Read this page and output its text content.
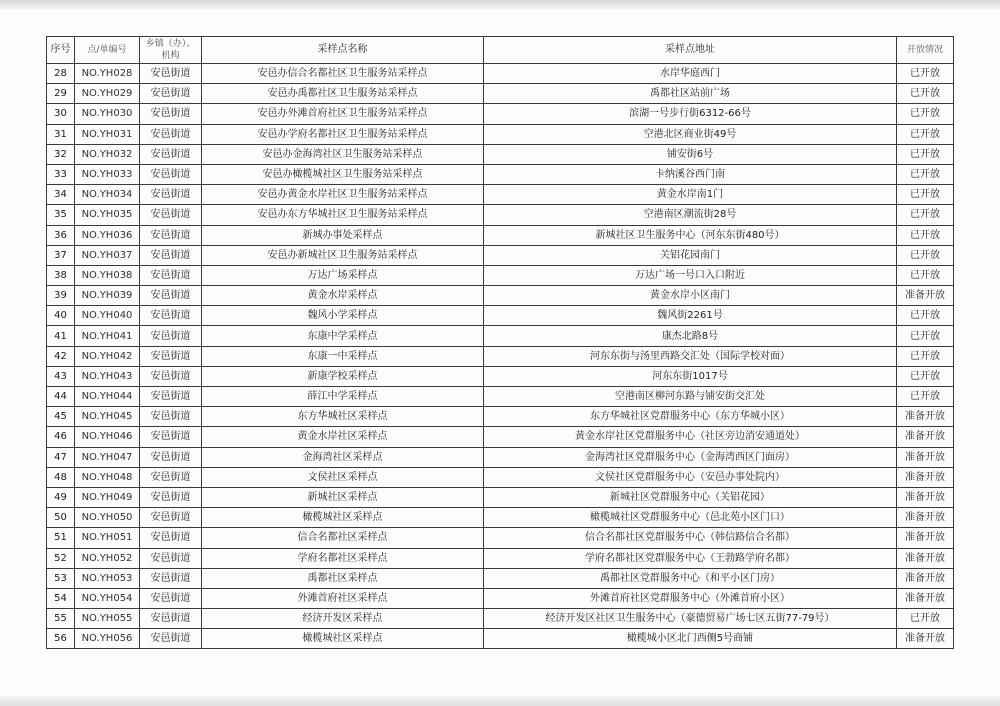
序号	点/单编号	乡镇（办）、机构	采样点名称	采样点地址	开放情况
28	NO.YH028	安邑街道	安邑办信合名都社区卫生服务站采样点	水岸华庭西门	已开放
29	NO.YH029	安邑街道	安邑办禹都社区卫生服务站采样点	禹都社区站前广场	已开放
30	NO.YH030	安邑街道	安邑办外滩首府社区卫生服务站采样点	滨湖一号步行街6312-66号	已开放
31	NO.YH031	安邑街道	安邑办学府名都社区卫生服务站采样点	空港北区商业街49号	已开放
32	NO.YH032	安邑街道	安邑办金海湾社区卫生服务站采样点	铺安街6号	已开放
33	NO.YH033	安邑街道	安邑办橄榄城社区卫生服务站采样点	卡纳溪谷西门南	已开放
34	NO.YH034	安邑街道	安邑办黄金水岸社区卫生服务站采样点	黄金水岸南1门	已开放
35	NO.YH035	安邑街道	安邑办东方华城社区卫生服务站采样点	空港南区潮流街28号	已开放
36	NO.YH036	安邑街道	新城办事处采样点	新城社区卫生服务中心（河东东街480号）	已开放
37	NO.YH037	安邑街道	安邑办新城社区卫生服务站采样点	关铝花园南门	已开放
38	NO.YH038	安邑街道	万达广场采样点	万达广场一号口入口附近	已开放
39	NO.YH039	安邑街道	黄金水岸采样点	黄金水岸小区南门	准备开放
40	NO.YH040	安邑街道	魏风小学采样点	魏风街2261号	已开放
41	NO.YH041	安邑街道	东康中学采样点	康杰北路8号	已开放
42	NO.YH042	安邑街道	东康一中采样点	河东东街与汤里西路交汇处（国际学校对面）	已开放
43	NO.YH043	安邑街道	新康学校采样点	河东东街1017号	已开放
44	NO.YH044	安邑街道	薛江中学采样点	空港南区柳河东路与铺安街交汇处	已开放
45	NO.YH045	安邑街道	东方华城社区采样点	东方华城社区党群服务中心（东方华城小区）	准备开放
46	NO.YH046	安邑街道	黄金水岸社区采样点	黄金水岸社区党群服务中心（社区旁边消安通道处）	准备开放
47	NO.YH047	安邑街道	金海湾社区采样点	金海湾社区党群服务中心（金海湾西区门面房）	准备开放
48	NO.YH048	安邑街道	文侯社区采样点	文侯社区党群服务中心（安邑办事处院内）	准备开放
49	NO.YH049	安邑街道	新城社区采样点	新城社区党群服务中心（关铝花园）	准备开放
50	NO.YH050	安邑街道	橄榄城社区采样点	橄榄城社区党群服务中心（邑北苑小区门口）	准备开放
51	NO.YH051	安邑街道	信合名都社区采样点	信合名都社区党群服务中心（韩信路信合名都）	准备开放
52	NO.YH052	安邑街道	学府名都社区采样点	学府名都社区党群服务中心（王勃路学府名都）	准备开放
53	NO.YH053	安邑街道	禹都社区采样点	禹都社区党群服务中心（和平小区门房）	准备开放
54	NO.YH054	安邑街道	外滩首府社区采样点	外滩首府社区党群服务中心（外滩首府小区）	准备开放
55	NO.YH055	安邑街道	经济开发区采样点	经济开发区社区卫生服务中心（豪德贸易广场七区五街77-79号）	已开放
56	NO.YH056	安邑街道	橄榄城社区采样点	橄榄城小区北门西侧5号商铺	准备开放
